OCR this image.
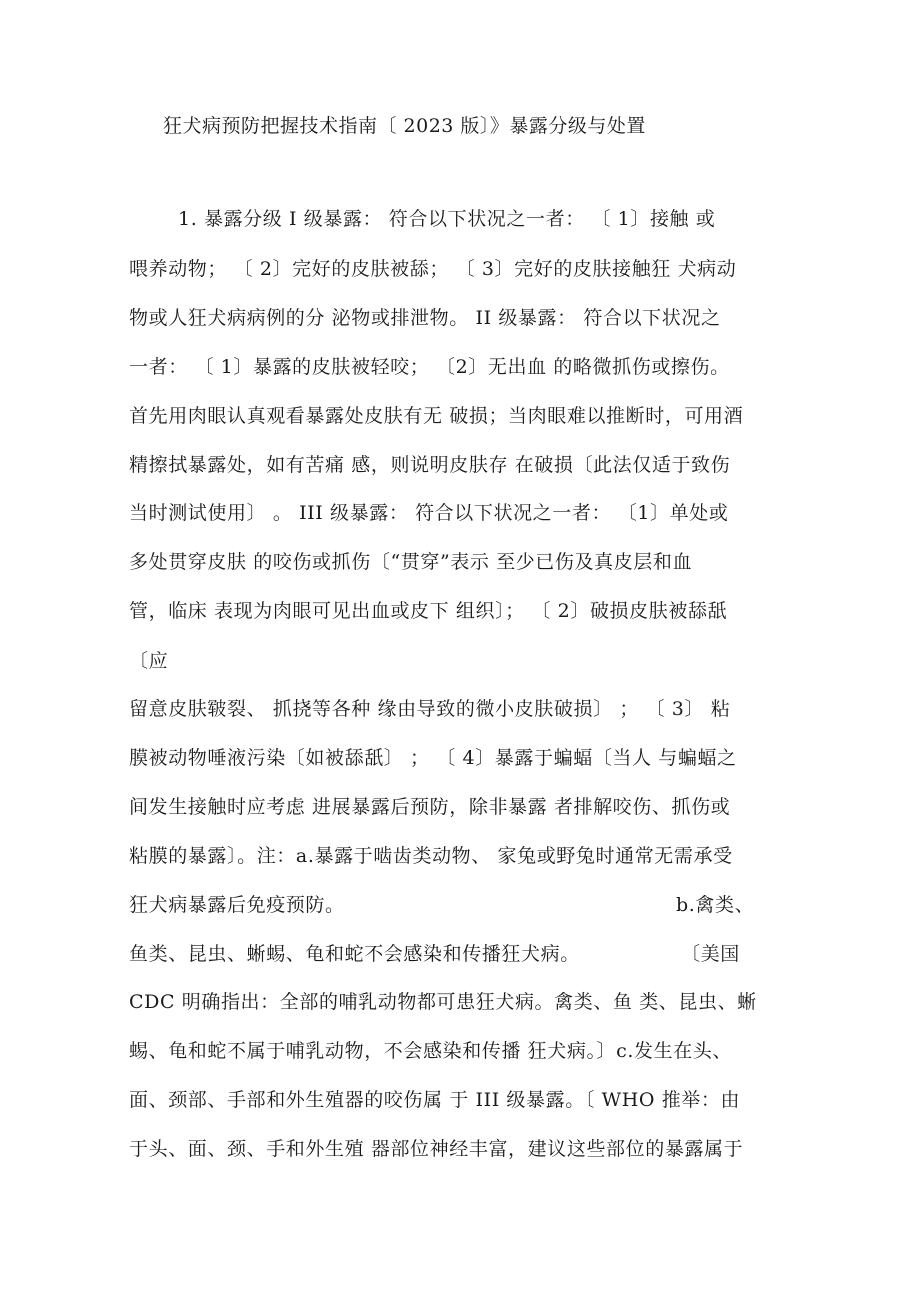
狂犬病预防把握技术指南〔 2023 版〕》暴露分级与处置
1. 暴露分级 I 级暴露： 符合以下状况之一者： 〔 1〕接触 或
喂养动物； 〔 2〕完好的皮肤被舔； 〔 3〕完好的皮肤接触狂 犬病动
物或人狂犬病病例的分 泌物或排泄物。 II 级暴露： 符合以下状况之
一者： 〔 1〕暴露的皮肤被轻咬； 〔2〕无出血 的略微抓伤或擦伤。
首先用肉眼认真观看暴露处皮肤有无 破损；当肉眼难以推断时，可用酒
精擦拭暴露处，如有苦痛 感，则说明皮肤存 在破损〔此法仅适于致伤
当时测试使用〕 。 III 级暴露： 符合以下状况之一者： 〔1〕单处或
多处贯穿皮肤 的咬伤或抓伤〔“贯穿”表示 至少已伤及真皮层和血
管，临床 表现为肉眼可见出血或皮下 组织〕； 〔 2〕破损皮肤被舔舐
〔应
留意皮肤皲裂、 抓挠等各种 缘由导致的微小皮肤破损〕 ； 〔 3〕 粘
膜被动物唾液污染〔如被舔舐〕 ； 〔 4〕暴露于蝙蝠〔当人 与蝙蝠之
间发生接触时应考虑 进展暴露后预防，除非暴露 者排解咬伤、抓伤或
粘膜的暴露〕。注：a.暴露于啮齿类动物、 家兔或野兔时通常无需承受
狂犬病暴露后免疫预防。	b.禽类、
鱼类、昆虫、蜥蜴、龟和蛇不会感染和传播狂犬病。	〔美国
CDC 明确指出：全部的哺乳动物都可患狂犬病。禽类、鱼 类、昆虫、蜥
蜴、龟和蛇不属于哺乳动物，不会感染和传播 狂犬病。〕c.发生在头、
面、颈部、手部和外生殖器的咬伤属 于 III 级暴露。〔 WHO 推举：由
于头、面、颈、手和外生殖 器部位神经丰富，建议这些部位的暴露属于
